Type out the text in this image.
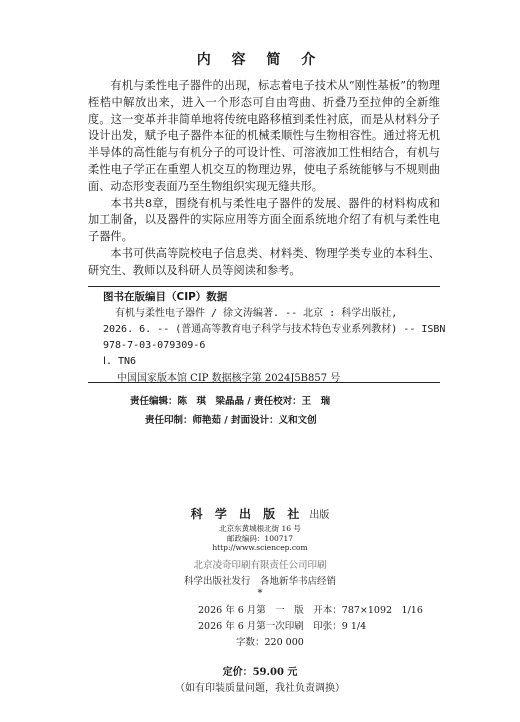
内 容 简 介

有机与柔性电子器件的出现，标志着电子技术从“刚性基板”的物理桎梏中解放出来，进入一个形态可自由弯曲、折叠乃至拉伸的全新维度。这一变革并非简单地将传统电路移植到柔性衬底，而是从材料分子设计出发，赋予电子器件本征的机械柔顺性与生物相容性。通过将无机半导体的高性能与有机分子的可设计性、可溶液加工性相结合，有机与柔性电子学正在重塑人机交互的物理边界，使电子系统能够与不规则曲面、动态形变表面乃至生物组织实现无缝共形。

本书共8章，围绕有机与柔性电子器件的发展、器件的材料构成和加工制备，以及器件的实际应用等方面全面系统地介绍了有机与柔性电子器件。

本书可供高等院校电子信息类、材料类、物理学类专业的本科生、研究生、教师以及科研人员等阅读和参考。

图书在版编目（CIP）数据
有机与柔性电子器件 / 徐文涛编著. -- 北京 : 科学出版社,
2026. 6. -- (普通高等教育电子科学与技术特色专业系列教材) -- ISBN
978-7-03-079309-6
Ⅰ. TN6
中国国家版本馆 CIP 数据核字第 2024J5B857 号
责任编辑：陈　琪　梁晶晶 / 责任校对：王　瑞
责任印制：师艳茹 / 封面设计：义和文创
科 学 出 版 社 出版
北京东黄城根北街 16 号
邮政编码：100717
http://www.sciencep.com
北京凌奇印刷有限责任公司印刷
科学出版社发行　各地新华书店经销
*
2026 年 6 月第　一　版　开本：787×1092　1/16
2026 年 6 月第一次印刷　印张：9 1/4
字数：220 000
定价：59.00 元
（如有印装质量问题，我社负责调换）
